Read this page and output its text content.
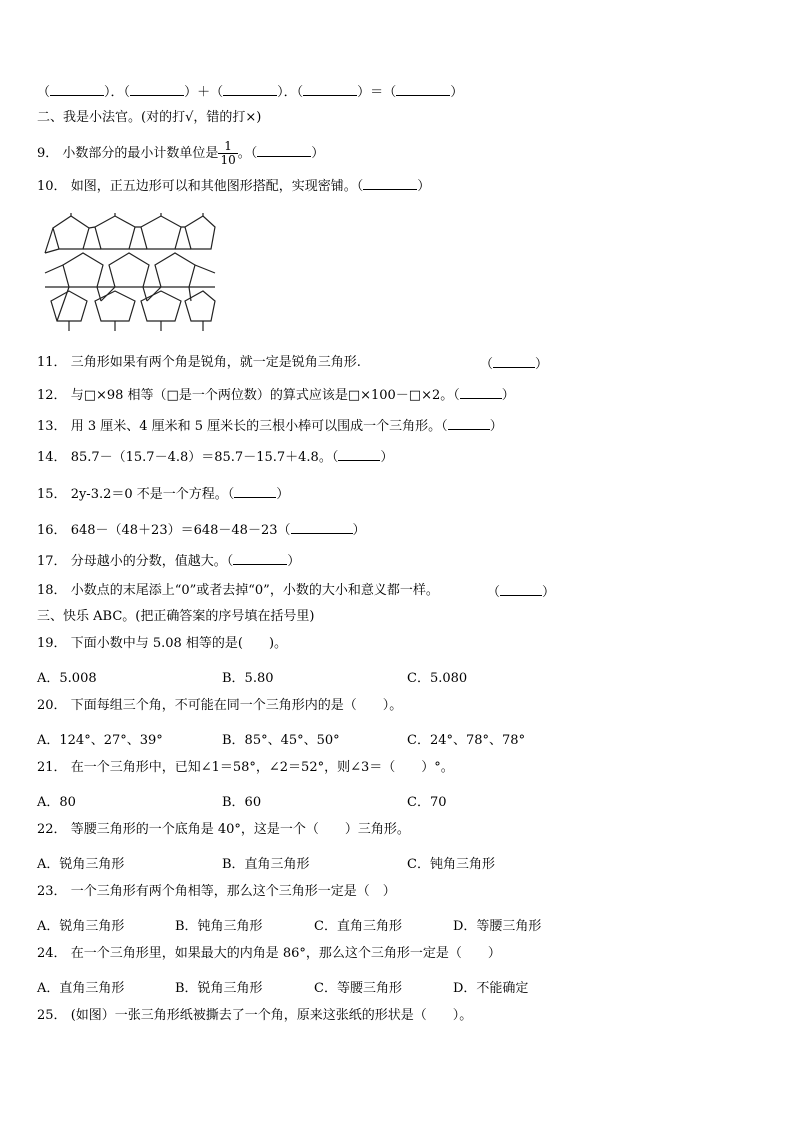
（	）．（	）＋（	）．（	）＝（	）
二、我是小法官。(对的打√，错的打×)
9． 小数部分的最小计数单位是 $\frac{1}{10}$ 。（	）
10． 如图，正五边形可以和其他图形搭配，实现密铺。（	）
11． 三角形如果有两个角是锐角，就一定是锐角三角形.	（	）
12． 与□×98 相等（□是一个两位数）的算式应该是□×100－□×2。（	）
13． 用 3 厘米、4 厘米和 5 厘米长的三根小棒可以围成一个三角形。（	）
14． 85.7－（15.7－4.8）＝85.7－15.7＋4.8。（	）
15． 2y-3.2＝0 不是一个方程。（	）
16． 648－（48＋23）＝648－48－23（	）
17． 分母越小的分数，值越大。（	）
18． 小数点的末尾添上“0”或者去掉“0”，小数的大小和意义都一样。	（	）
三、快乐 ABC。(把正确答案的序号填在括号里)
19． 下面小数中与 5.08 相等的是(　　)。
A．5.008	B．5.80	C．5.080
20． 下面每组三个角，不可能在同一个三角形内的是（　　）。
A．124°、27°、39°	B．85°、45°、50°	C．24°、78°、78°
21． 在一个三角形中，已知∠1＝58°，∠2＝52°，则∠3＝（　　）°。
A．80	B．60	C．70
22． 等腰三角形的一个底角是 40°，这是一个（　　）三角形。
A．锐角三角形	B．直角三角形	C．钝角三角形
23． 一个三角形有两个角相等，那么这个三角形一定是（　）
A．锐角三角形	B．钝角三角形	C．直角三角形	D．等腰三角形
24． 在一个三角形里，如果最大的内角是 86°，那么这个三角形一定是（　　）
A．直角三角形	B．锐角三角形	C．等腰三角形	D．不能确定
25． (如图）一张三角形纸被撕去了一个角，原来这张纸的形状是（　　）。
